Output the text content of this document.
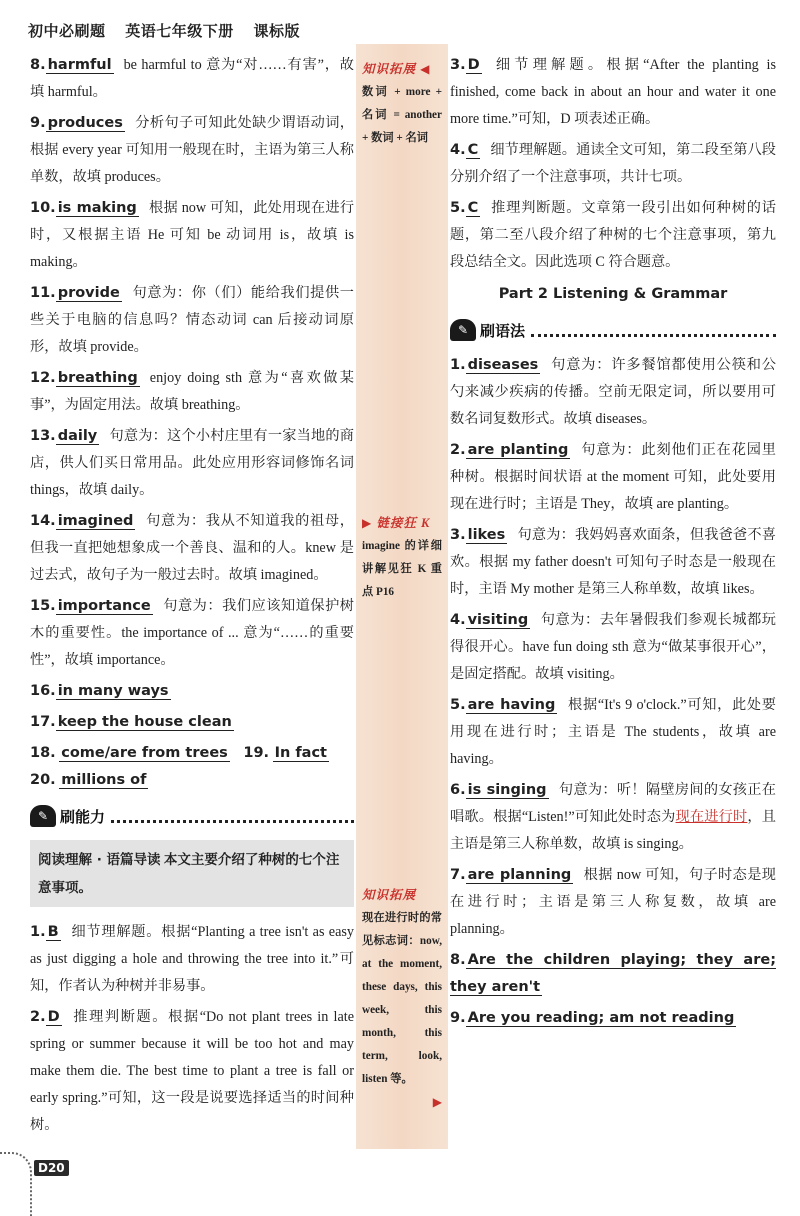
初中必刷题 英语七年级下册 课标版
8. harmful be harmful to 意为“对……有害”，故填 harmful。
9. produces 分析句子可知此处缺少谓语动词，根据 every year 可知用一般现在时，主语为第三人称单数，故填 produces。
10. is making 根据 now 可知，此处用现在进行时，又根据主语 He 可知 be 动词用 is，故填 is making。
11. provide 句意为：你（们）能给我们提供一些关于电脑的信息吗？情态动词 can 后接动词原形，故填 provide。
12. breathing enjoy doing sth 意为“喜欢做某事”，为固定用法。故填 breathing。
13. daily 句意为：这个小村庄里有一家当地的商店，供人们买日常用品。此处应用形容词修饰名词 things，故填 daily。
14. imagined 句意为：我从不知道我的祖母，但我一直把她想象成一个善良、温和的人。knew 是过去式，故句子为一般过去时。故填 imagined。
15. importance 句意为：我们应该知道保护树木的重要性。the importance of ... 意为“……的重要性”，故填 importance。
16. in many ways
17. keep the house clean
18. come/are from trees 19. In fact
20. millions of
✎ 刷能力
阅读理解 · 语篇导读 本文主要介绍了种树的七个注意事项。
1. B 细节理解题。根据“Planting a tree isn't as easy as just digging a hole and throwing the tree into it.”可知，作者认为种树并非易事。
2. D 推理判断题。根据“Do not plant trees in late spring or summer because it will be too hot and may make them die. The best time to plant a tree is fall or early spring.”可知，这一段是说要选择适当的时间种树。
知识拓展 ◀
数词 + more + 名词 = another + 数词 + 名词
▶ 链接狂 K
imagine 的详细讲解见狂 K 重点 P16
知识拓展
现在进行时的常见标志词：now, at the moment, these days, this week, this month, this term, look, listen 等。
▶
3. D 细节理解题。根据“After the planting is finished, come back in about an hour and water it one more time.”可知，D 项表述正确。
4. C 细节理解题。通读全文可知，第二段至第八段分别介绍了一个注意事项，共计七项。
5. C 推理判断题。文章第一段引出如何种树的话题，第二至八段介绍了种树的七个注意事项，第九段总结全文。因此选项 C 符合题意。
Part 2 Listening & Grammar
✎ 刷语法
1. diseases 句意为：许多餐馆都使用公筷和公勺来减少疾病的传播。空前无限定词，所以要用可数名词复数形式。故填 diseases。
2. are planting 句意为：此刻他们正在花园里种树。根据时间状语 at the moment 可知，此处要用现在进行时；主语是 They，故填 are planting。
3. likes 句意为：我妈妈喜欢面条，但我爸爸不喜欢。根据 my father doesn't 可知句子时态是一般现在时，主语 My mother 是第三人称单数，故填 likes。
4. visiting 句意为：去年暑假我们参观长城都玩得很开心。have fun doing sth 意为“做某事很开心”，是固定搭配。故填 visiting。
5. are having 根据“It's 9 o'clock.”可知，此处要用现在进行时；主语是 The students，故填 are having。
6. is singing 句意为：听！隔壁房间的女孩正在唱歌。根据“Listen!”可知此处时态为现在进行时，且主语是第三人称单数，故填 is singing。
7. are planning 根据 now 可知，句子时态是现在进行时；主语是第三人称复数，故填 are planning。
8. Are the children playing; they are; they aren't
9. Are you reading; am not reading
D20
